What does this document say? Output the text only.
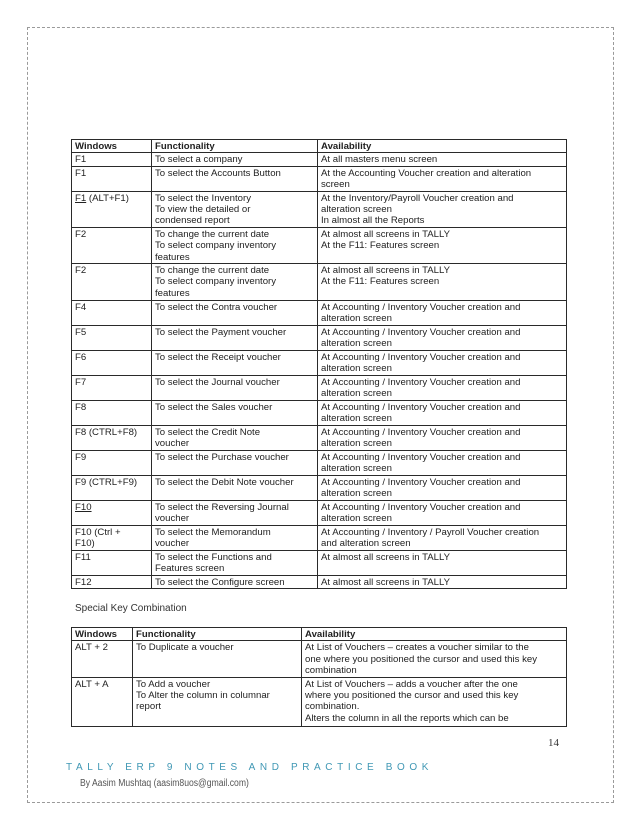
Windows	Functionality	Availability
F1	To select a company	At all masters menu screen
F1	To select the Accounts Button	At the Accounting Voucher creation and alteration
screen
F1 (ALT+F1)	To select the Inventory
To view the detailed or
condensed report	At the Inventory/Payroll Voucher creation and
alteration screen
In almost all the Reports
F2	To change the current date
To select company inventory
features	At almost all screens in TALLY
At the F11: Features screen
F2	To change the current date
To select company inventory
features	At almost all screens in TALLY
At the F11: Features screen
F4	To select the Contra voucher	At Accounting / Inventory Voucher creation and
alteration screen
F5	To select the Payment voucher	At Accounting / Inventory Voucher creation and
alteration screen
F6	To select the Receipt voucher	At Accounting / Inventory Voucher creation and
alteration screen
F7	To select the Journal voucher	At Accounting / Inventory Voucher creation and
alteration screen
F8	To select the Sales voucher	At Accounting / Inventory Voucher creation and
alteration screen
F8 (CTRL+F8)	To select the Credit Note
voucher	At Accounting / Inventory Voucher creation and
alteration screen
F9	To select the Purchase voucher	At Accounting / Inventory Voucher creation and
alteration screen
F9 (CTRL+F9)	To select the Debit Note voucher	At Accounting / Inventory Voucher creation and
alteration screen
F10	To select the Reversing Journal
voucher	At Accounting / Inventory Voucher creation and
alteration screen
F10 (Ctrl +
F10)	To select the Memorandum
voucher	At Accounting / Inventory / Payroll Voucher creation
and alteration screen
F11	To select the Functions and
Features screen	At almost all screens in TALLY
F12	To select the Configure screen	At almost all screens in TALLY
Special Key Combination
Windows	Functionality	Availability
ALT + 2	To Duplicate a voucher	At List of Vouchers – creates a voucher similar to the
one where you positioned the cursor and used this key
combination
ALT + A	To Add a voucher
To Alter the column in columnar
report	At List of Vouchers – adds a voucher after the one
where you positioned the cursor and used this key
combination.
Alters the column in all the reports which can be
14
TALLY ERP 9 NOTES AND PRACTICE BOOK
By Aasim Mushtaq (aasim8uos@gmail.com)
